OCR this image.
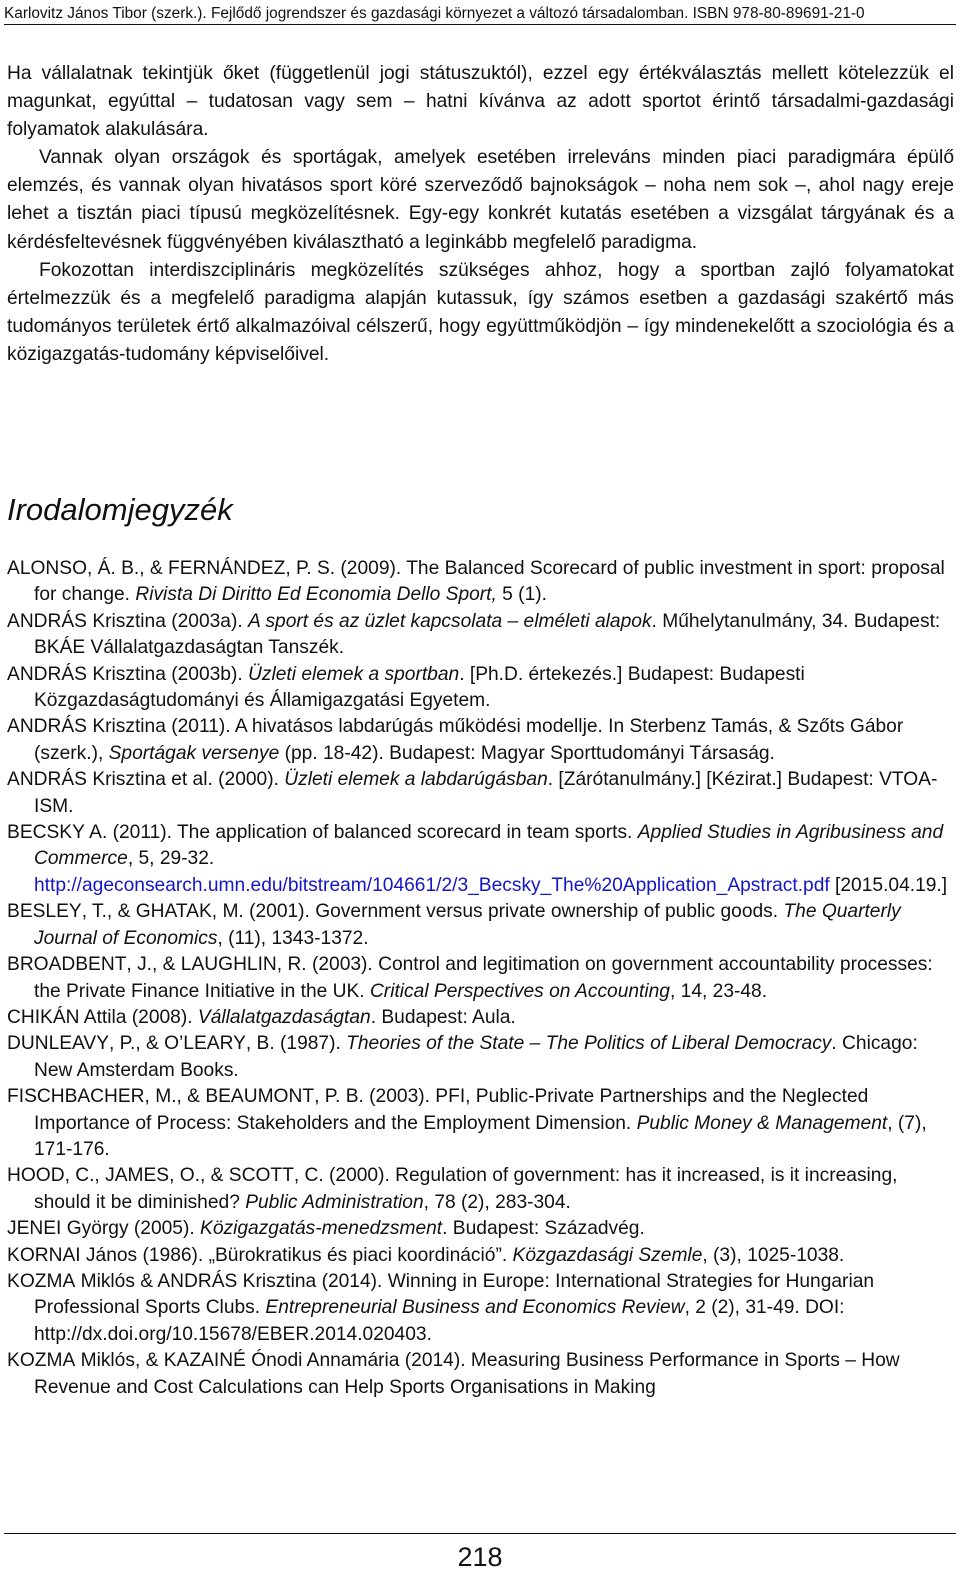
Karlovitz János Tibor (szerk.). Fejlődő jogrendszer és gazdasági környezet a változó társadalomban. ISBN 978-80-89691-21-0

Ha vállalatnak tekintjük őket (függetlenül jogi státuszuktól), ezzel egy értékválasztás mellett kötelezzük el magunkat, egyúttal – tudatosan vagy sem – hatni kívánva az adott sportot érintő társadalmi-gazdasági folyamatok alakulására.

Vannak olyan országok és sportágak, amelyek esetében irreleváns minden piaci paradigmára épülő elemzés, és vannak olyan hivatásos sport köré szerveződő bajnokságok – noha nem sok –, ahol nagy ereje lehet a tisztán piaci típusú megközelítésnek. Egy-egy konkrét kutatás esetében a vizsgálat tárgyának és a kérdésfeltevésnek függvényében kiválasztható a leginkább megfelelő paradigma.

Fokozottan interdiszciplináris megközelítés szükséges ahhoz, hogy a sportban zajló folyamatokat értelmezzük és a megfelelő paradigma alapján kutassuk, így számos esetben a gazdasági szakértő más tudományos területek értő alkalmazóival célszerű, hogy együttműködjön – így mindenekelőtt a szociológia és a közigazgatás-tudomány képviselőivel.

Irodalomjegyzék

ALONSO, Á. B., & FERNÁNDEZ, P. S. (2009). The Balanced Scorecard of public investment in sport: proposal for change. Rivista Di Diritto Ed Economia Dello Sport, 5 (1).

ANDRÁS Krisztina (2003a). A sport és az üzlet kapcsolata – elméleti alapok. Műhelytanulmány, 34. Budapest: BKÁE Vállalatgazdaságtan Tanszék.

ANDRÁS Krisztina (2003b). Üzleti elemek a sportban. [Ph.D. értekezés.] Budapest: Budapesti Közgazdaságtudományi és Államigazgatási Egyetem.

ANDRÁS Krisztina (2011). A hivatásos labdarúgás működési modellje. In Sterbenz Tamás, & Szőts Gábor (szerk.), Sportágak versenye (pp. 18-42). Budapest: Magyar Sporttudományi Társaság.

ANDRÁS Krisztina et al. (2000). Üzleti elemek a labdarúgásban. [Zárótanulmány.] [Kézirat.] Budapest: VTOA-ISM.

BECSKY A. (2011). The application of balanced scorecard in team sports. Applied Studies in Agribusiness and Commerce, 5, 29-32. http://ageconsearch.umn.edu/bitstream/104661/2/3_Becsky_The%20Application_Apstract.pdf [2015.04.19.]

BESLEY, T., & GHATAK, M. (2001). Government versus private ownership of public goods. The Quarterly Journal of Economics, (11), 1343-1372.

BROADBENT, J., & LAUGHLIN, R. (2003). Control and legitimation on government accountability processes: the Private Finance Initiative in the UK. Critical Perspectives on Accounting, 14, 23-48.

CHIKÁN Attila (2008). Vállalatgazdaságtan. Budapest: Aula.

DUNLEAVY, P., & O’LEARY, B. (1987). Theories of the State – The Politics of Liberal Democracy. Chicago: New Amsterdam Books.

FISCHBACHER, M., & BEAUMONT, P. B. (2003). PFI, Public-Private Partnerships and the Neglected Importance of Process: Stakeholders and the Employment Dimension. Public Money & Management, (7), 171-176.

HOOD, C., JAMES, O., & SCOTT, C. (2000). Regulation of government: has it increased, is it increasing, should it be diminished? Public Administration, 78 (2), 283-304.

JENEI György (2005). Közigazgatás-menedzsment. Budapest: Századvég.

KORNAI János (1986). „Bürokratikus és piaci koordináció”. Közgazdasági Szemle, (3), 1025-1038.

KOZMA Miklós & ANDRÁS Krisztina (2014). Winning in Europe: International Strategies for Hungarian Professional Sports Clubs. Entrepreneurial Business and Economics Review, 2 (2), 31-49. DOI: http://dx.doi.org/10.15678/EBER.2014.020403.

KOZMA Miklós, & KAZAINÉ Ónodi Annamária (2014). Measuring Business Performance in Sports – How Revenue and Cost Calculations can Help Sports Organisations in Making

218
